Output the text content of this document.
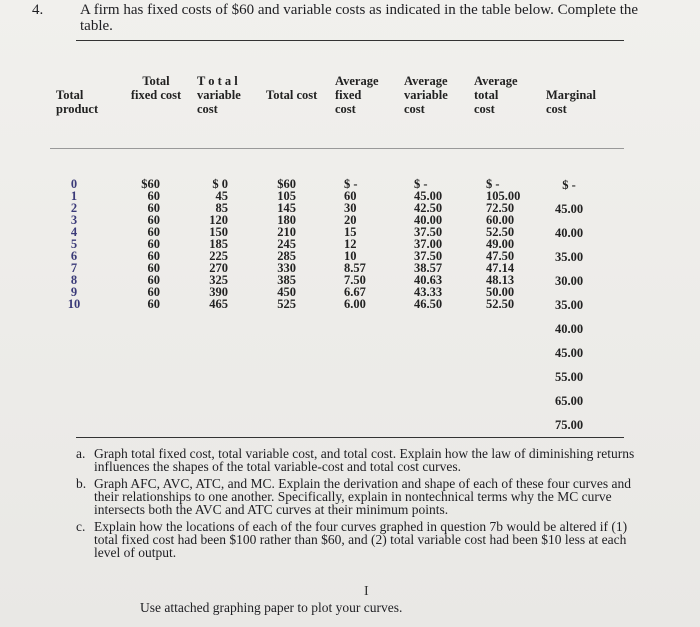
4. A firm has fixed costs of $60 and variable costs as indicated in the table below. Complete the table.
Total
product
Total
fixed cost
T o t a l
variable
cost
Total cost
Average
fixed
cost
Average
variable
cost
Average
total
cost
Marginal
cost
0
1
2
3
4
5
6
7
8
9
10
$60
60
60
60
60
60
60
60
60
60
60
$ 0
45
85
120
150
185
225
270
325
390
465
$60
105
145
180
210
245
285
330
385
450
525
$ -
60
30
20
15
12
10
8.57
7.50
6.67
6.00
$ -
45.00
42.50
40.00
37.50
37.00
37.50
38.57
40.63
43.33
46.50
$ -
105.00
72.50
60.00
52.50
49.00
47.50
47.14
48.13
50.00
52.50
$ -
45.00
40.00
35.00
30.00
35.00
40.00
45.00
55.00
65.00
75.00
a. Graph total fixed cost, total variable cost, and total cost. Explain how the law of diminishing returns influences the shapes of the total variable-cost and total cost curves.
b. Graph AFC, AVC, ATC, and MC. Explain the derivation and shape of each of these four curves and their relationships to one another. Specifically, explain in nontechnical terms why the MC curve intersects both the AVC and ATC curves at their minimum points.
c. Explain how the locations of each of the four curves graphed in question 7b would be altered if (1) total fixed cost had been $100 rather than $60, and (2) total variable cost had been $10 less at each level of output.
I
Use attached graphing paper to plot your curves.
